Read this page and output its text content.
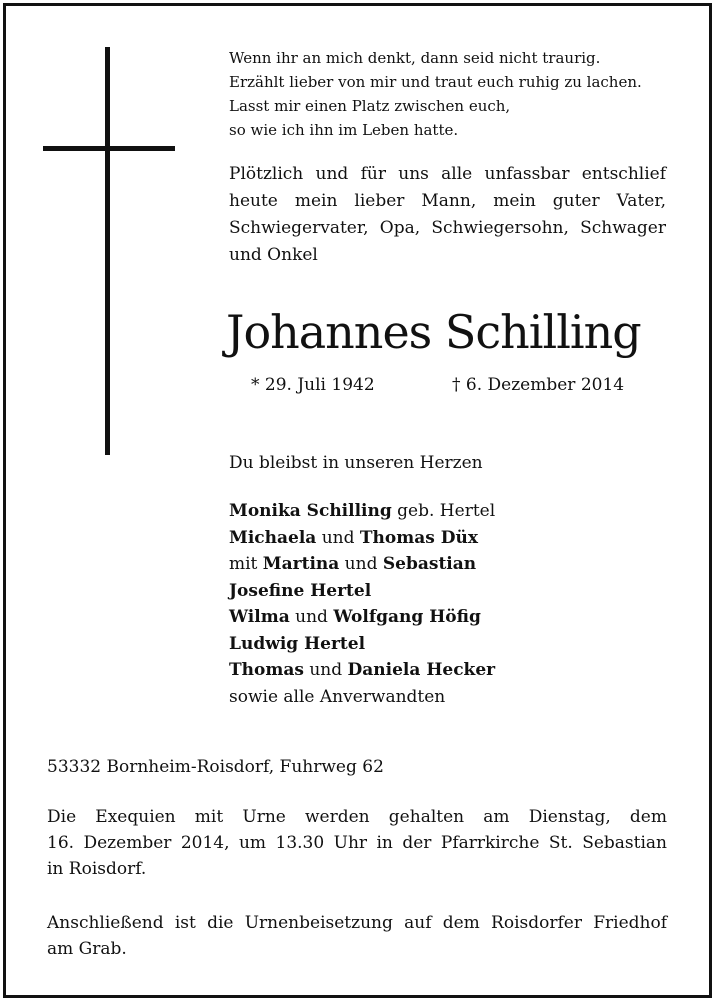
Wenn ihr an mich denkt, dann seid nicht traurig.
Erzählt lieber von mir und traut euch ruhig zu lachen.
Lasst mir einen Platz zwischen euch,
so wie ich ihn im Leben hatte.
Plötzlich und für uns alle unfassbar entschlief
heute mein lieber Mann, mein guter Vater,
Schwiegervater, Opa, Schwiegersohn, Schwager
und Onkel
Johannes Schilling
* 29. Juli 1942	† 6. Dezember 2014
Du bleibst in unseren Herzen
Monika Schilling geb. Hertel
Michaela und Thomas Düx
mit Martina und Sebastian
Josefine Hertel
Wilma und Wolfgang Höfig
Ludwig Hertel
Thomas und Daniela Hecker
sowie alle Anverwandten
53332 Bornheim-Roisdorf, Fuhrweg 62
Die Exequien mit Urne werden gehalten am Dienstag, dem
16. Dezember 2014, um 13.30 Uhr in der Pfarrkirche St. Sebastian
in Roisdorf.
Anschließend ist die Urnenbeisetzung auf dem Roisdorfer Friedhof
am Grab.
